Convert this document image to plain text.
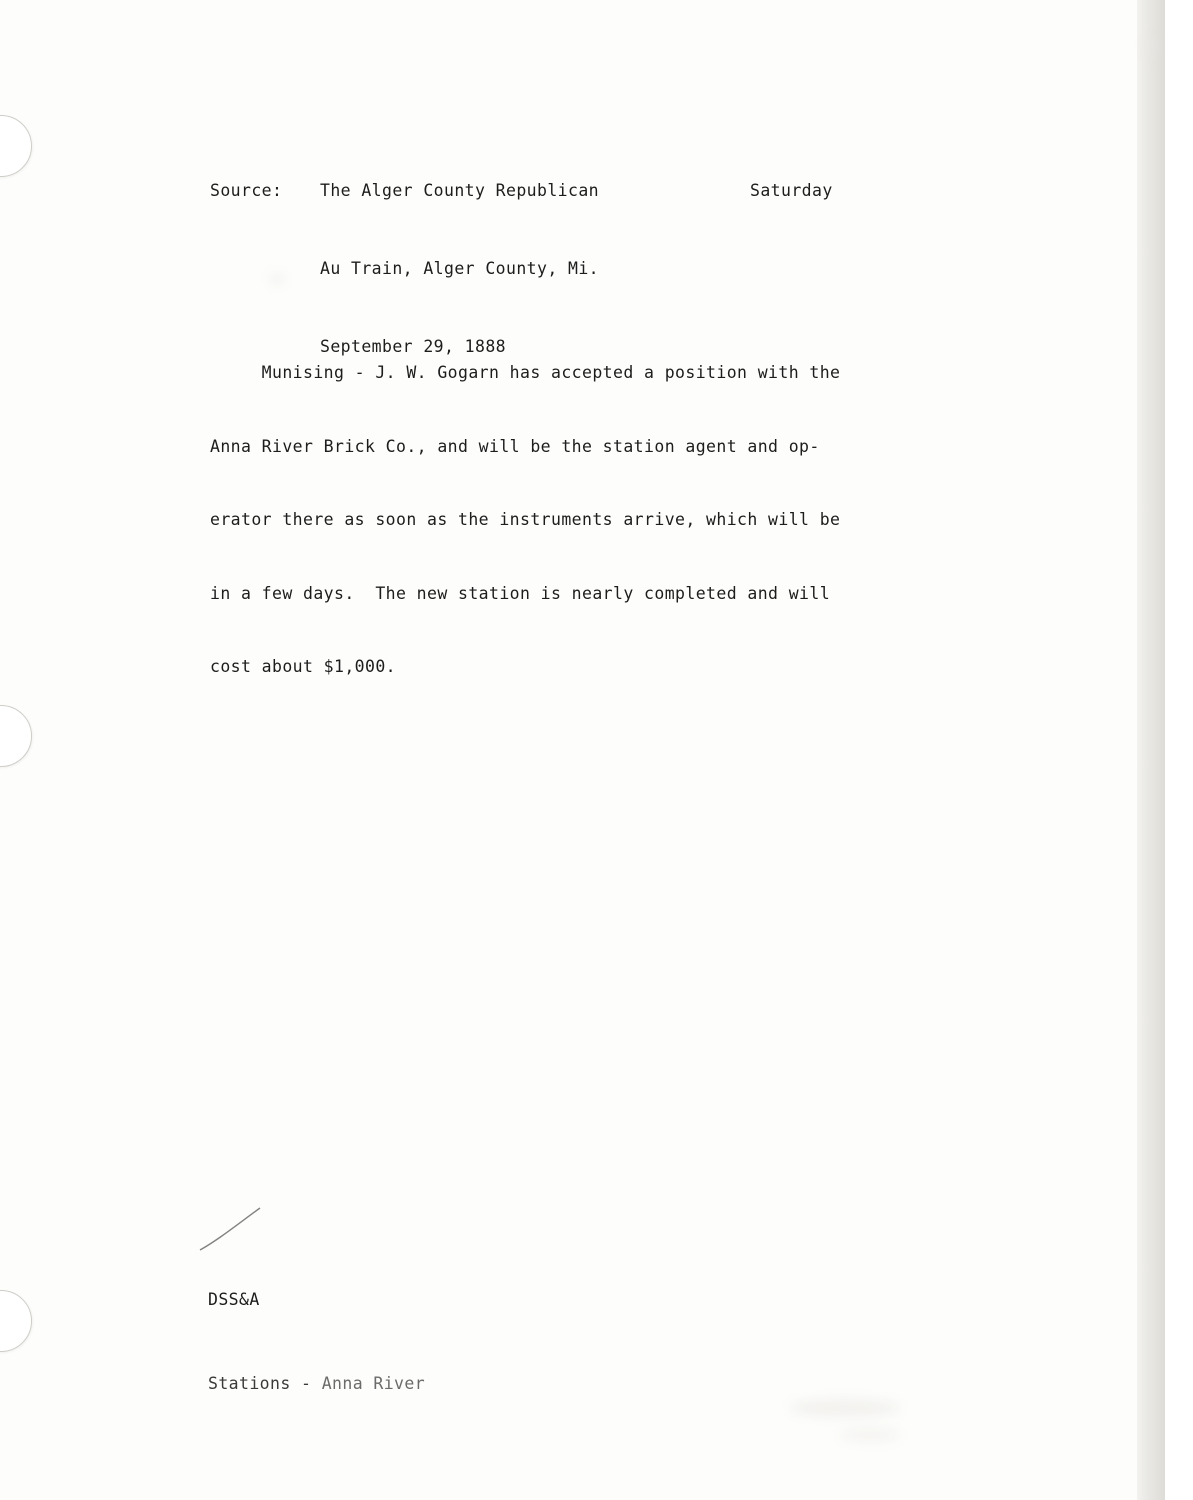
Source: The Alger County Republican

Au Train, Alger County, Mi.

September 29, 1888

Saturday

Munising - J. W. Gogarn has accepted a position with the

Anna River Brick Co., and will be the station agent and op-

erator there as soon as the instruments arrive, which will be

in a few days.  The new station is nearly completed and will

cost about $1,000.

DSS&A

Stations - Anna River
